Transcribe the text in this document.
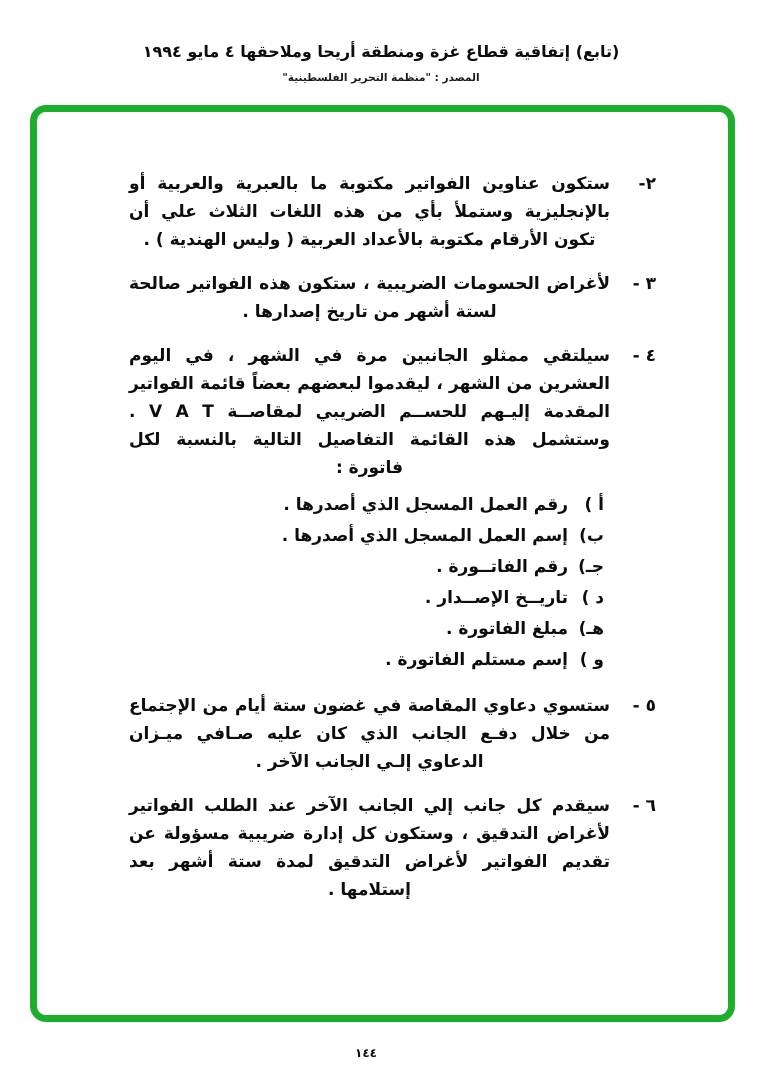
(تابع) إتفاقية قطاع غزة ومنطقة أريحا وملاحقها ٤ مايو ١٩٩٤
المصدر : "منظمة التحرير الفلسطينية"
٢-
ستكون عناوين الفواتير مكتوبة ما بالعبرية والعربية أو بالإنجليزية وستملأ بأي من هذه اللغات الثلاث علي أن تكون الأرقام مكتوبة بالأعداد العربية ( وليس الهندية ) .
٣ -
لأغراض الحسومات الضريبية ، ستكون هذه الفواتير صالحة لستة أشهر من تاريخ إصدارها .
٤ -
سيلتقي ممثلو الجانبين مرة في الشهر ، في اليوم العشرين من الشهر ، ليقدموا لبعضهم بعضاً قائمة الفواتير المقدمة إليـهم للحســم الضريبي لمقاصــة V A T . وستشمل هذه القائمة التفاصيل التالية بالنسبة لكل فاتورة :
أ )
رقم العمل المسجل الذي أصدرها .
ب)
إسم العمل المسجل الذي أصدرها .
جـ)
رقم الفاتــورة .
د )
تاريــخ الإصــدار .
هـ)
مبلغ الفاتورة .
و )
إسم مستلم الفاتورة .
٥ -
ستسوي دعاوي المقاصة في غضون ستة أيام من الإجتماع من خلال دفـع الجانب الذي كان عليه صـافي ميـزان الدعاوي إلـي الجانب الآخر .
٦ -
سيقدم كل جانب إلي الجانب الآخر عند الطلب الفواتير لأغراض التدقيق ، وستكون كل إدارة ضريبية مسؤولة عن تقديم الفواتير لأغراض التدقيق لمدة ستة أشهر بعد إستلامها .
١٤٤
